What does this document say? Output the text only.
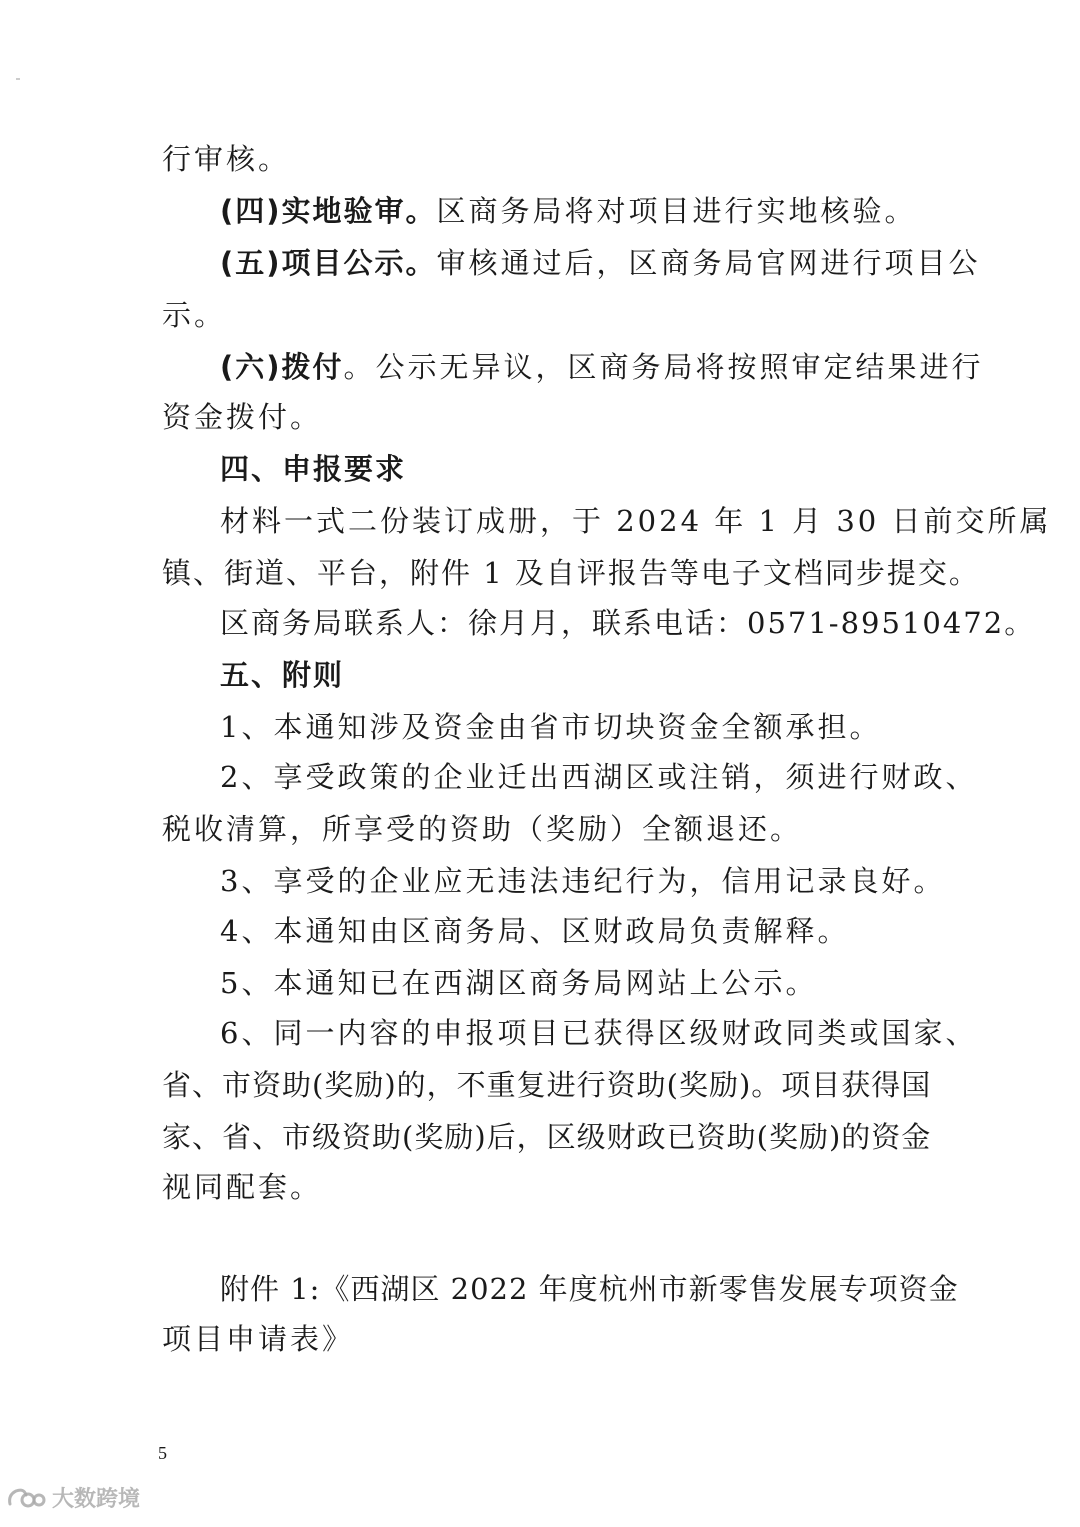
行审核。
(四)实地验审。区商务局将对项目进行实地核验。
(五)项目公示。审核通过后，区商务局官网进行项目公
示。
(六)拨付。公示无异议，区商务局将按照审定结果进行
资金拨付。
四、申报要求
材料一式二份装订成册，于 2024 年 1 月 30 日前交所属
镇、街道、平台，附件 1 及自评报告等电子文档同步提交。
区商务局联系人：徐月月，联系电话：0571-89510472。
五、附则
1、本通知涉及资金由省市切块资金全额承担。
2、享受政策的企业迁出西湖区或注销，须进行财政、
税收清算，所享受的资助（奖励）全额退还。
3、享受的企业应无违法违纪行为，信用记录良好。
4、本通知由区商务局、区财政局负责解释。
5、本通知已在西湖区商务局网站上公示。
6、同一内容的申报项目已获得区级财政同类或国家、
省、市资助(奖励)的，不重复进行资助(奖励)。项目获得国
家、省、市级资助(奖励)后，区级财政已资助(奖励)的资金
视同配套。
附件 1:《西湖区 2022 年度杭州市新零售发展专项资金
项目申请表》
5
大数跨境
